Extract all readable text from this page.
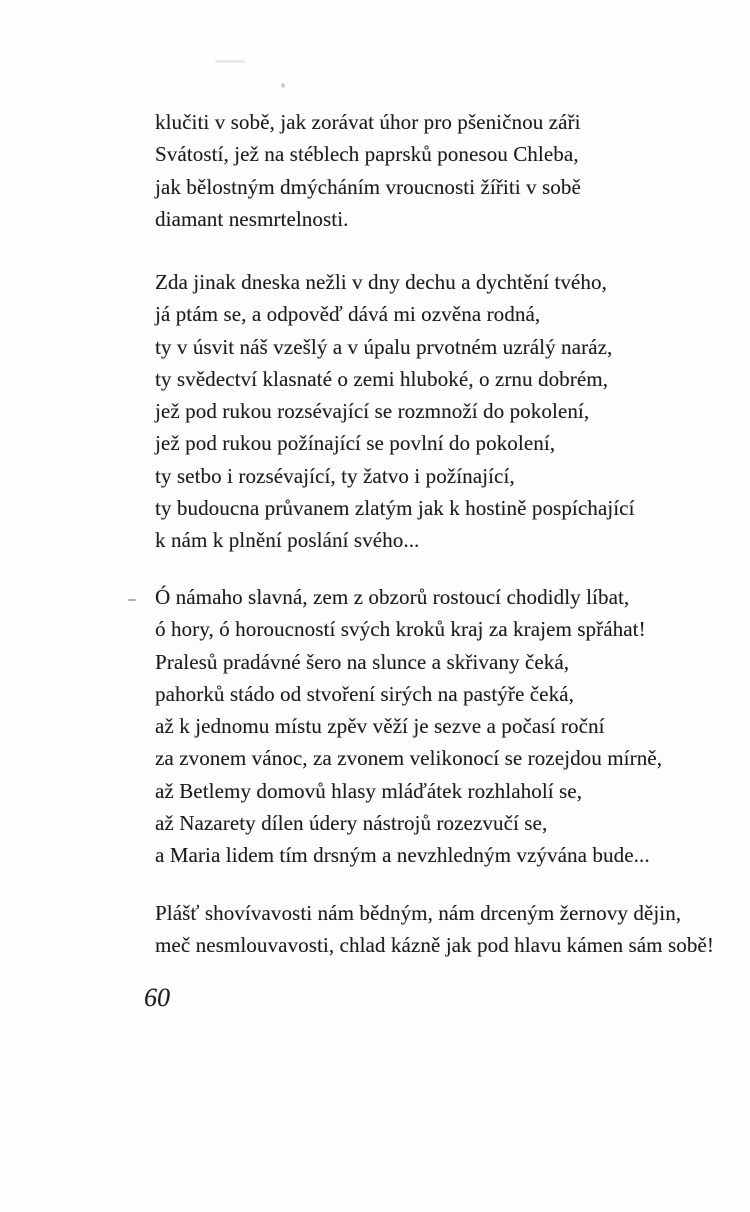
klučiti v sobě, jak zorávat úhor pro pšeničnou záři
Svátostí, jež na stéblech paprsků ponesou Chleba,
jak bělostným dmýcháním vroucnosti žířiti v sobě
diamant nesmrtelnosti.
Zda jinak dneska nežli v dny dechu a dychtění tvého,
já ptám se, a odpověď dává mi ozvěna rodná,
ty v úsvit náš vzešlý a v úpalu prvotném uzrálý naráz,
ty svědectví klasnaté o zemi hluboké, o zrnu dobrém,
jež pod rukou rozsévající se rozmnoží do pokolení,
jež pod rukou požínající se povlní do pokolení,
ty setbo i rozsévající, ty žatvo i požínající,
ty budoucna průvanem zlatým jak k hostině pospíchající
k nám k plnění poslání svého...
Ó námaho slavná, zem z obzorů rostoucí chodidly líbat,
ó hory, ó horoucností svých kroků kraj za krajem spřáhat!
Pralesů pradávné šero na slunce a skřivany čeká,
pahorků stádo od stvoření sirých na pastýře čeká,
až k jednomu místu zpěv věží je sezve a počasí roční
za zvonem vánoc, za zvonem velikonocí se rozejdou mírně,
až Betlemy domovů hlasy mláďátek rozhlaholí se,
až Nazarety dílen údery nástrojů rozezvučí se,
a Maria lidem tím drsným a nevzhledným vzývána bude...
Plášť shovívavosti nám bědným, nám drceným žernovy dějin,
meč nesmlouvavosti, chlad kázně jak pod hlavu kámen sám sobě!
60
